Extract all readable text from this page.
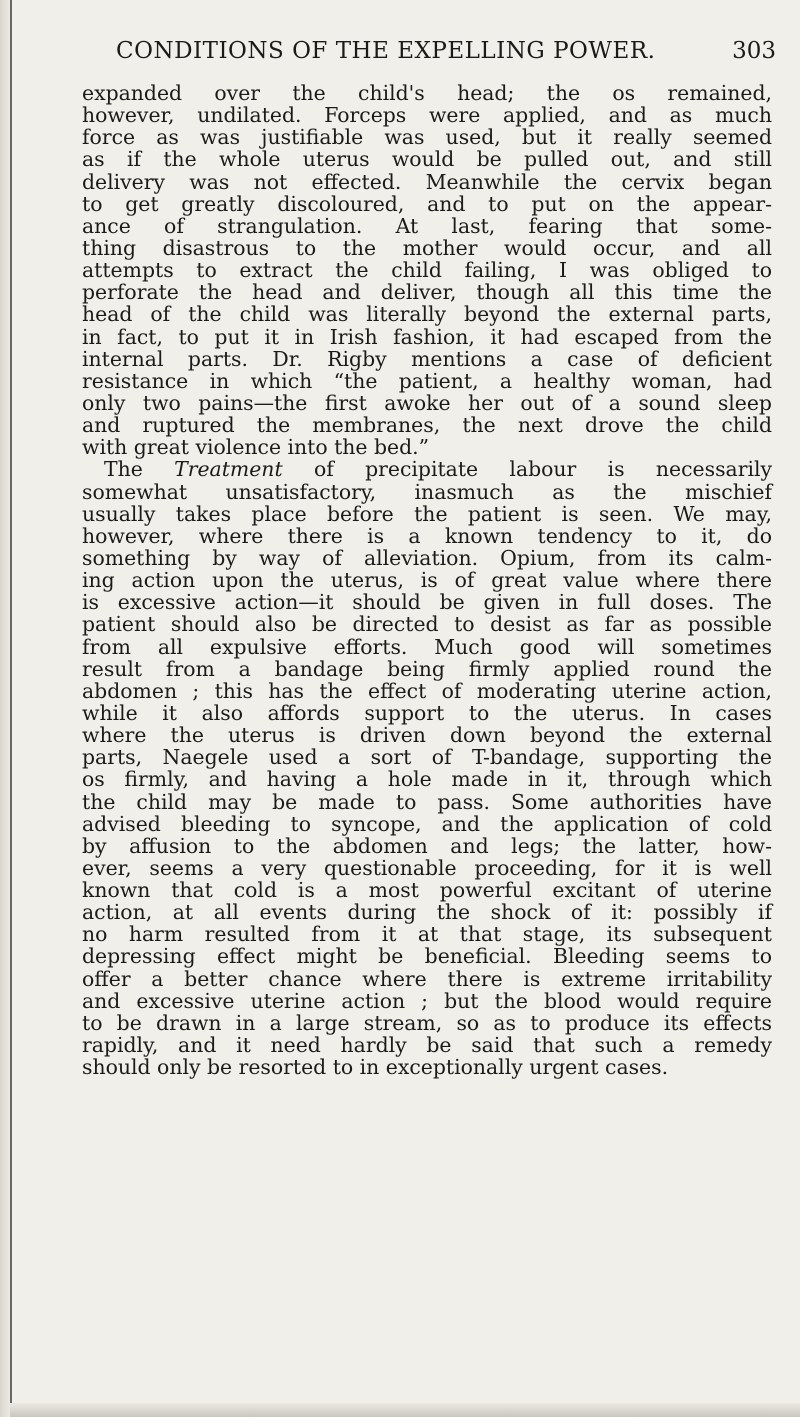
CONDITIONS OF THE EXPELLING POWER.	303
expanded over the child's head; the os remained,
however, undilated. Forceps were applied, and as much
force as was justifiable was used, but it really seemed
as if the whole uterus would be pulled out, and still
delivery was not effected. Meanwhile the cervix began
to get greatly discoloured, and to put on the appear-
ance of strangulation. At last, fearing that some-
thing disastrous to the mother would occur, and all
attempts to extract the child failing, I was obliged to
perforate the head and deliver, though all this time the
head of the child was literally beyond the external parts,
in fact, to put it in Irish fashion, it had escaped from the
internal parts. Dr. Rigby mentions a case of deficient
resistance in which “the patient, a healthy woman, had
only two pains—the first awoke her out of a sound sleep
and ruptured the membranes, the next drove the child
with great violence into the bed.”
The Treatment of precipitate labour is necessarily
somewhat unsatisfactory, inasmuch as the mischief
usually takes place before the patient is seen. We may,
however, where there is a known tendency to it, do
something by way of alleviation. Opium, from its calm-
ing action upon the uterus, is of great value where there
is excessive action—it should be given in full doses. The
patient should also be directed to desist as far as possible
from all expulsive efforts. Much good will sometimes
result from a bandage being firmly applied round the
abdomen ; this has the effect of moderating uterine action,
while it also affords support to the uterus. In cases
where the uterus is driven down beyond the external
parts, Naegele used a sort of T-bandage, supporting the
os firmly, and having a hole made in it, through which
the child may be made to pass. Some authorities have
advised bleeding to syncope, and the application of cold
by affusion to the abdomen and legs; the latter, how-
ever, seems a very questionable proceeding, for it is well
known that cold is a most powerful excitant of uterine
action, at all events during the shock of it: possibly if
no harm resulted from it at that stage, its subsequent
depressing effect might be beneficial. Bleeding seems to
offer a better chance where there is extreme irritability
and excessive uterine action ; but the blood would require
to be drawn in a large stream, so as to produce its effects
rapidly, and it need hardly be said that such a remedy
should only be resorted to in exceptionally urgent cases.
